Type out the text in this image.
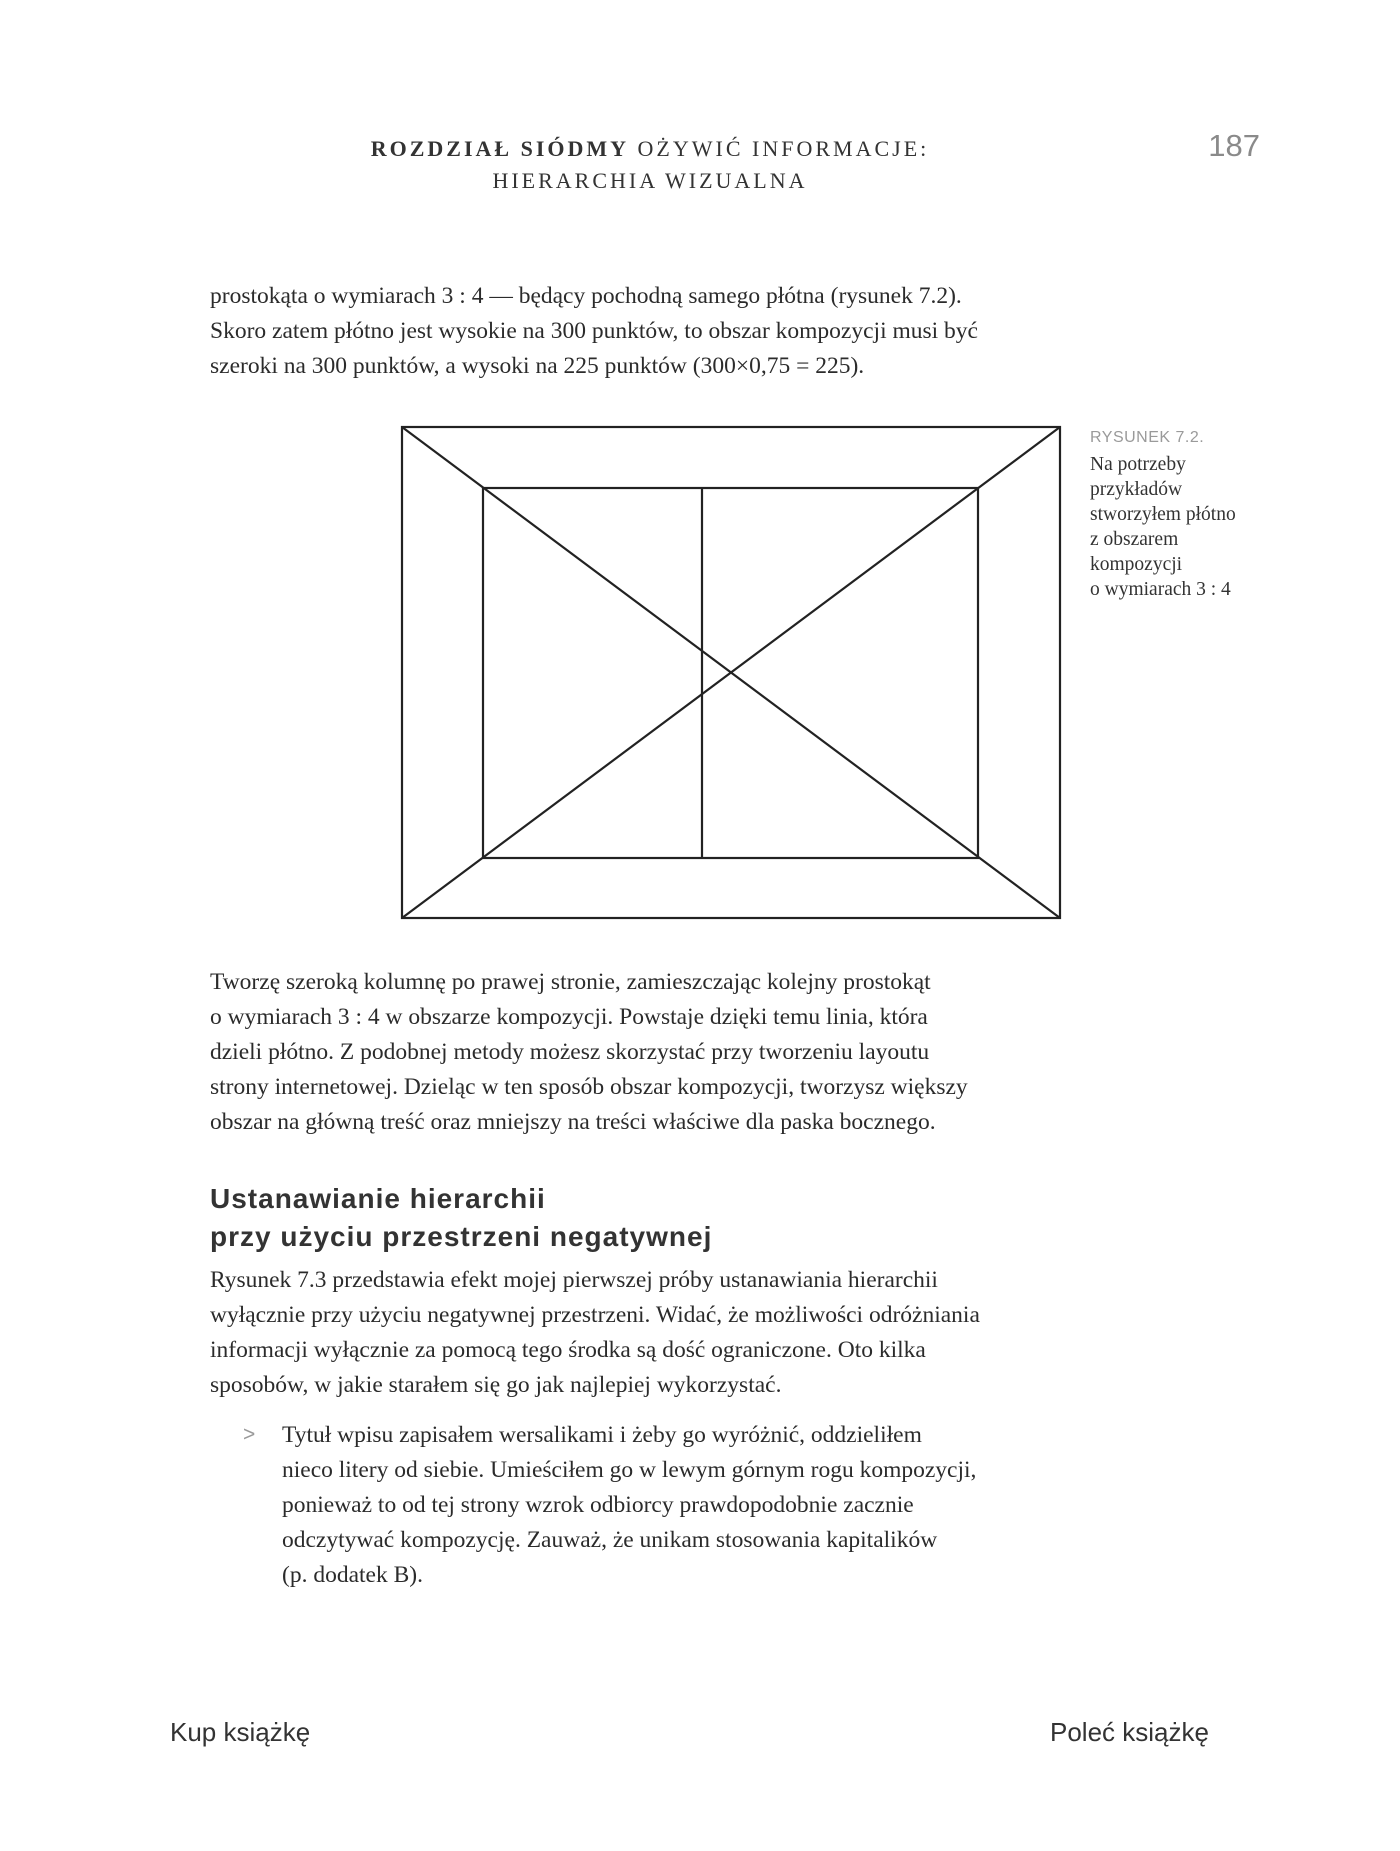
ROZDZIAŁ SIÓDMY OŻYWIĆ INFORMACJE:
HIERARCHIA WIZUALNA
187

prostokąta o wymiarach 3 : 4 — będący pochodną samego płótna (rysunek 7.2).

Skoro zatem płótno jest wysokie na 300 punktów, to obszar kompozycji musi być

szeroki na 300 punktów, a wysoki na 225 punktów (300×0,75 = 225).

RYSUNEK 7.2.
Na potrzeby
przykładów
stworzyłem płótno
z obszarem
kompozycji
o wymiarach 3 : 4

Tworzę szeroką kolumnę po prawej stronie, zamieszczając kolejny prostokąt

o wymiarach 3 : 4 w obszarze kompozycji. Powstaje dzięki temu linia, która

dzieli płótno. Z podobnej metody możesz skorzystać przy tworzeniu layoutu

strony internetowej. Dzieląc w ten sposób obszar kompozycji, tworzysz większy

obszar na główną treść oraz mniejszy na treści właściwe dla paska bocznego.

Ustanawianie hierarchii
przy użyciu przestrzeni negatywnej

Rysunek 7.3 przedstawia efekt mojej pierwszej próby ustanawiania hierarchii

wyłącznie przy użyciu negatywnej przestrzeni. Widać, że możliwości odróżniania

informacji wyłącznie za pomocą tego środka są dość ograniczone. Oto kilka

sposobów, w jakie starałem się go jak najlepiej wykorzystać.

> Tytuł wpisu zapisałem wersalikami i żeby go wyróżnić, oddzieliłem

nieco litery od siebie. Umieściłem go w lewym górnym rogu kompozycji,

ponieważ to od tej strony wzrok odbiorcy prawdopodobnie zacznie

odczytywać kompozycję. Zauważ, że unikam stosowania kapitalików

(p. dodatek B).

Kup książkę	Poleć książkę
